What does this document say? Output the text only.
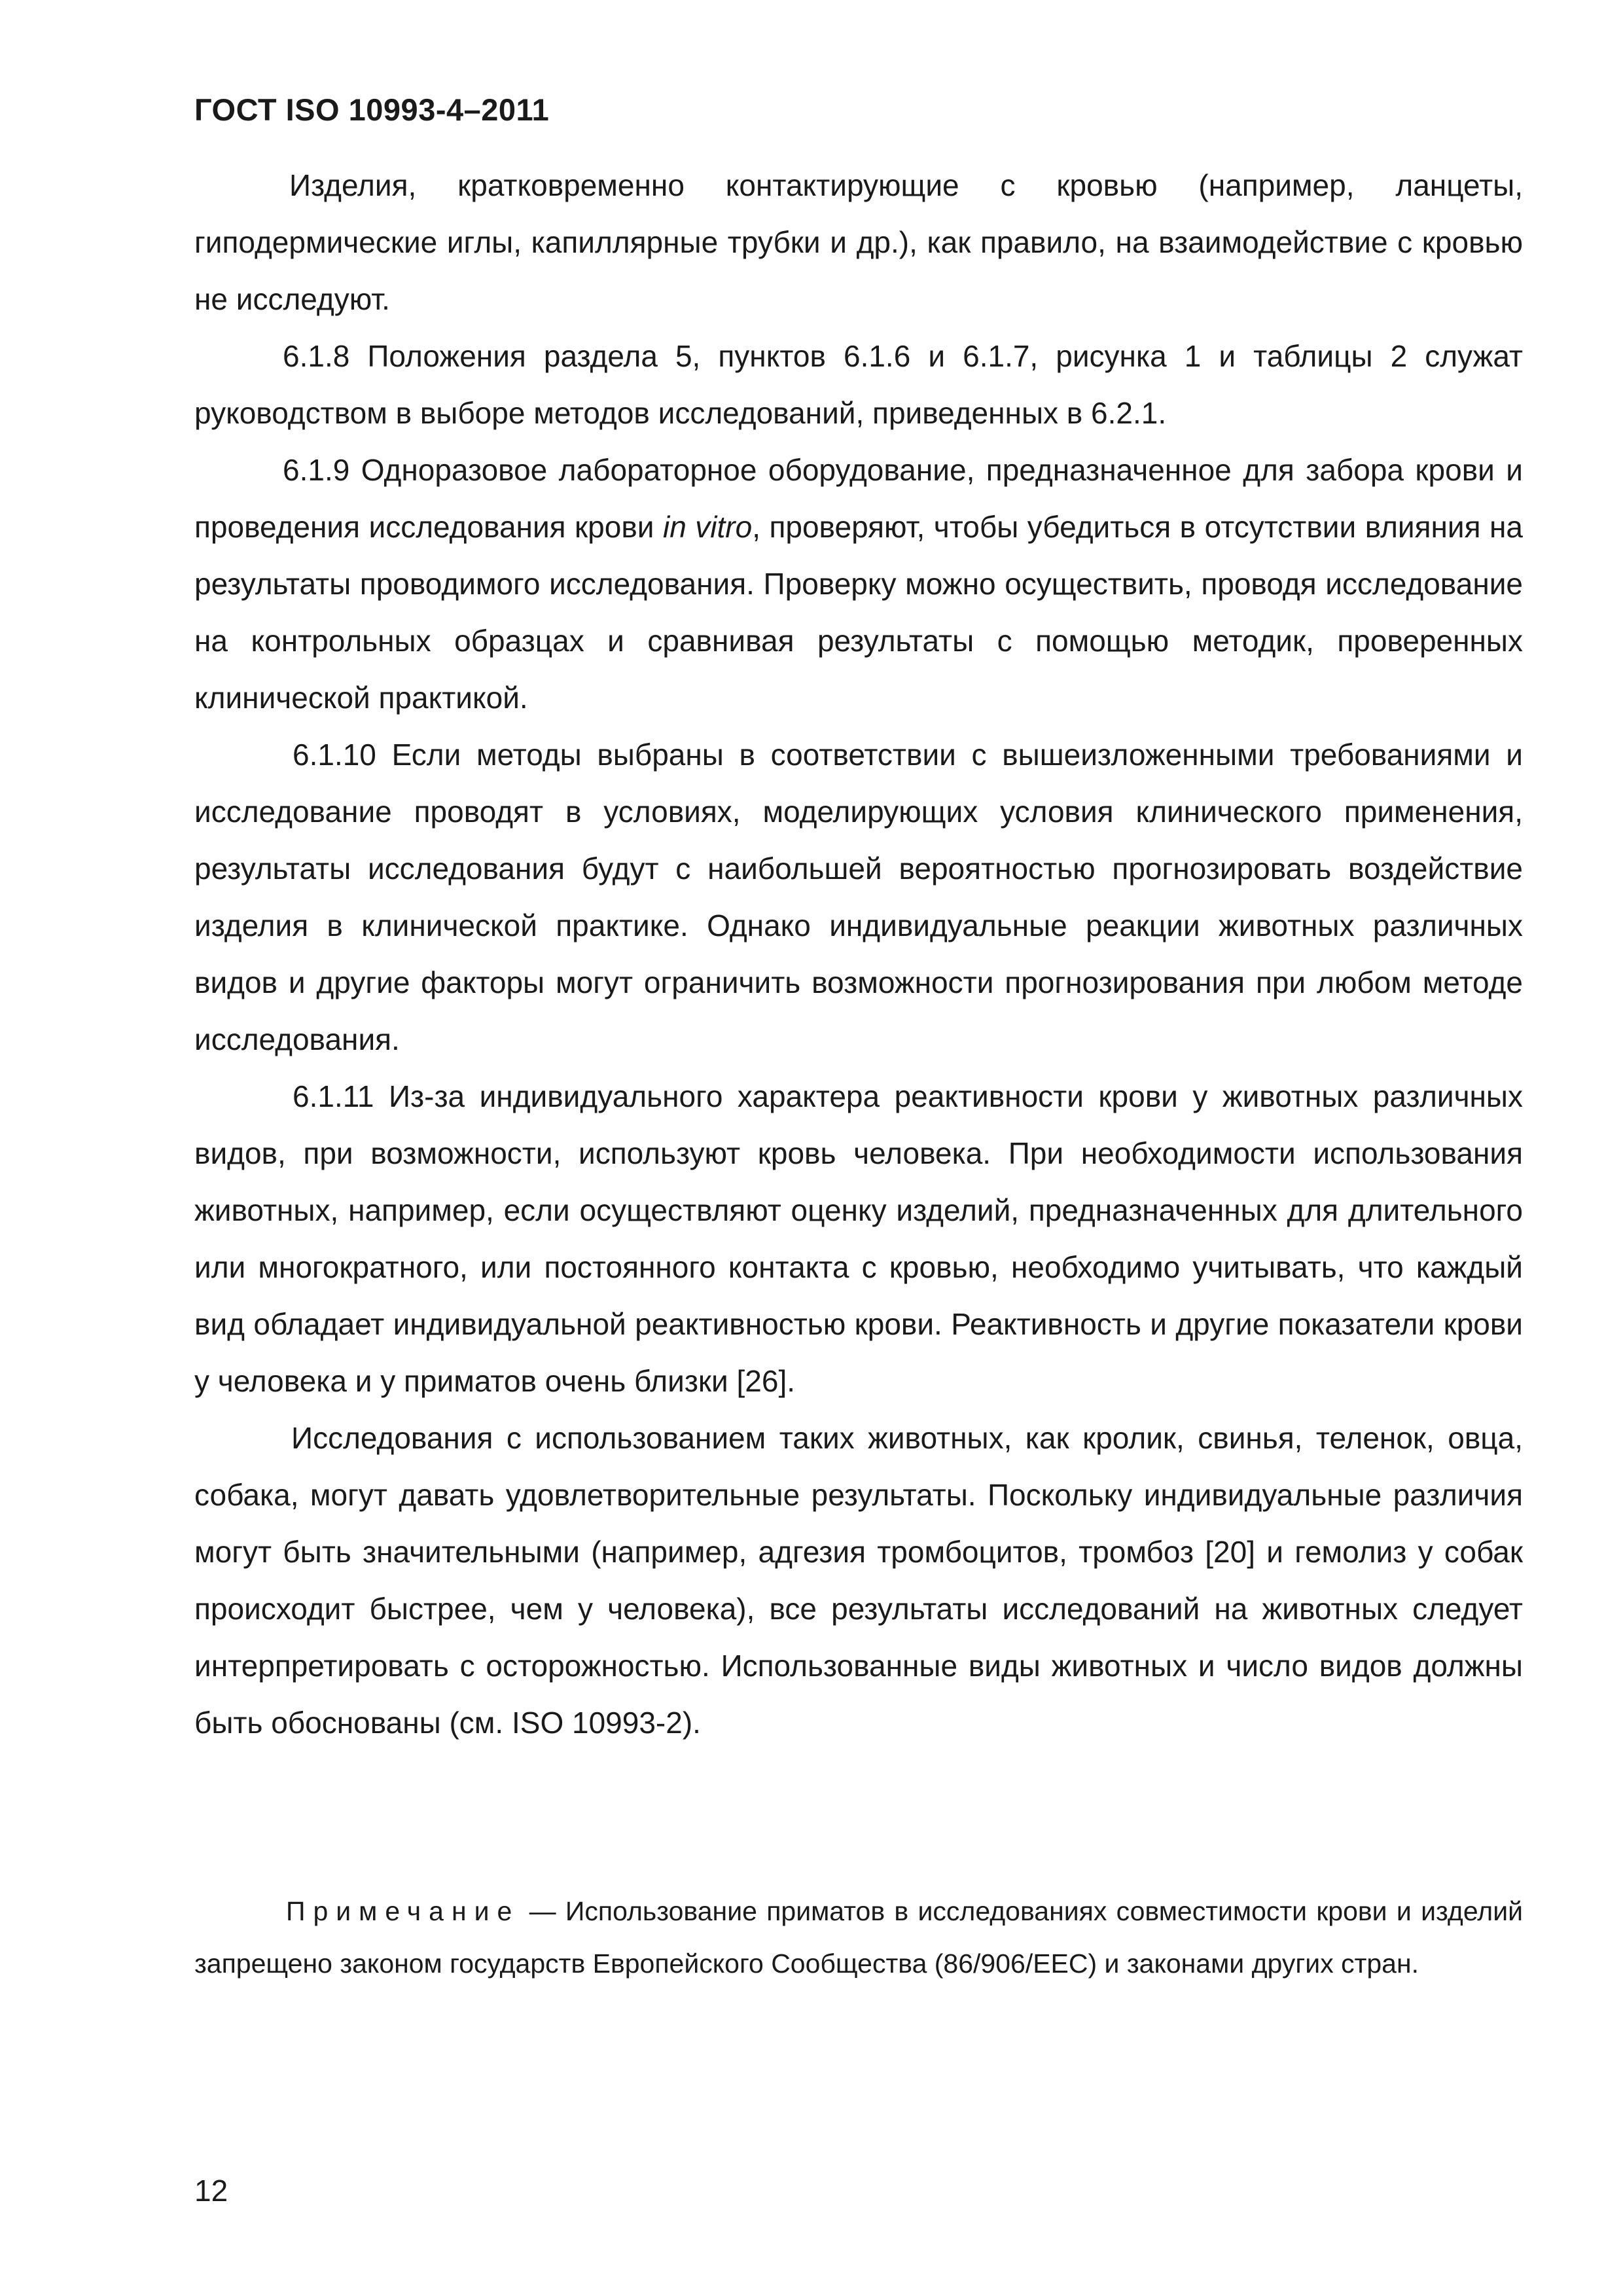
ГОСТ ISO 10993-4–2011

Изделия, кратковременно контактирующие с кровью (например, ланцеты, гиподермические иглы, капиллярные трубки и др.), как правило, на взаимодействие с кровью не исследуют.

6.1.8 Положения раздела 5, пунктов 6.1.6 и 6.1.7, рисунка 1 и таблицы 2 служат руководством в выборе методов исследований, приведенных в 6.2.1.

6.1.9 Одноразовое лабораторное оборудование, предназначенное для забора крови и проведения исследования крови in vitro, проверяют, чтобы убедиться в отсутствии влияния на результаты проводимого исследования. Проверку можно осуществить, проводя исследование на контрольных образцах и сравнивая результаты с помощью методик, проверенных клинической практикой.

6.1.10 Если методы выбраны в соответствии с вышеизложенными требованиями и исследование проводят в условиях, моделирующих условия клинического применения, результаты исследования будут с наибольшей вероятностью прогнозировать воздействие изделия в клинической практике. Однако индивидуальные реакции животных различных видов и другие факторы могут ограничить возможности прогнозирования при любом методе исследования.

6.1.11 Из-за индивидуального характера реактивности крови у животных различных видов, при возможности, используют кровь человека. При необходимости использования животных, например, если осуществляют оценку изделий, предназначенных для длительного или многократного, или постоянного контакта с кровью, необходимо учитывать, что каждый вид обладает индивидуальной реактивностью крови. Реактивность и другие показатели крови у человека и у приматов очень близки [26].

Исследования с использованием таких животных, как кролик, свинья, теленок, овца, собака, могут давать удовлетворительные результаты. Поскольку индивидуальные различия могут быть значительными (например, адгезия тромбоцитов, тромбоз [20] и гемолиз у собак происходит быстрее, чем у человека), все результаты исследований на животных следует интерпретировать с осторожностью. Использованные виды животных и число видов должны быть обоснованы (см. ISO 10993-2).

Примечание — Использование приматов в исследованиях совместимости крови и изделий запрещено законом государств Европейского Сообщества (86/906/ЕЕС) и законами других стран.
12
